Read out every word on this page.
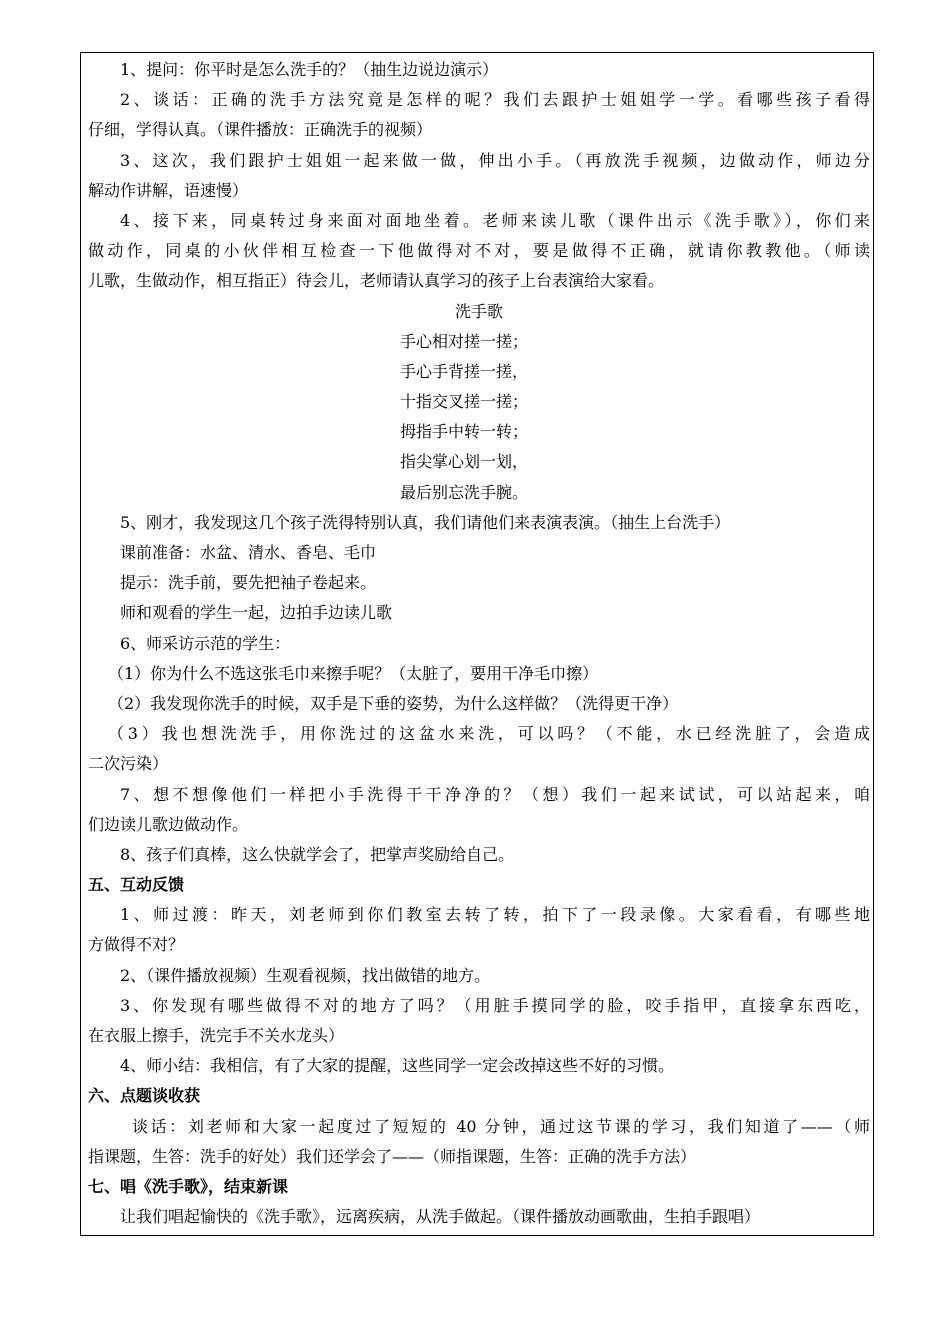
1、提问：你平时是怎么洗手的？（抽生边说边演示）
2、谈话：正确的洗手方法究竟是怎样的呢？我们去跟护士姐姐学一学。看哪些孩子看得
仔细，学得认真。（课件播放：正确洗手的视频）
3、这次，我们跟护士姐姐一起来做一做，伸出小手。（再放洗手视频，边做动作，师边分
解动作讲解，语速慢）
4、接下来，同桌转过身来面对面地坐着。老师来读儿歌（课件出示《洗手歌》），你们来
做动作，同桌的小伙伴相互检查一下他做得对不对，要是做得不正确，就请你教教他。（师读
儿歌，生做动作，相互指正）待会儿，老师请认真学习的孩子上台表演给大家看。
洗手歌
手心相对搓一搓；
手心手背搓一搓，
十指交叉搓一搓；
拇指手中转一转；
指尖掌心划一划，
最后别忘洗手腕。
5、刚才，我发现这几个孩子洗得特别认真，我们请他们来表演表演。（抽生上台洗手）
课前准备：水盆、清水、香皂、毛巾
提示：洗手前，要先把袖子卷起来。
师和观看的学生一起，边拍手边读儿歌
6、师采访示范的学生：
（1）你为什么不选这张毛巾来擦手呢？（太脏了，要用干净毛巾擦）
（2）我发现你洗手的时候，双手是下垂的姿势，为什么这样做？（洗得更干净）
（3）我也想洗洗手，用你洗过的这盆水来洗，可以吗？（不能，水已经洗脏了，会造成
二次污染）
7、想不想像他们一样把小手洗得干干净净的？（想）我们一起来试试，可以站起来，咱
们边读儿歌边做动作。
8、孩子们真棒，这么快就学会了，把掌声奖励给自己。
五、互动反馈
1、师过渡：昨天，刘老师到你们教室去转了转，拍下了一段录像。大家看看，有哪些地
方做得不对？
2、（课件播放视频）生观看视频，找出做错的地方。
3、你发现有哪些做得不对的地方了吗？（用脏手摸同学的脸，咬手指甲，直接拿东西吃，
在衣服上擦手，洗完手不关水龙头）
4、师小结：我相信，有了大家的提醒，这些同学一定会改掉这些不好的习惯。
六、点题谈收获
谈话：刘老师和大家一起度过了短短的 40 分钟，通过这节课的学习，我们知道了——（师
指课题，生答：洗手的好处）我们还学会了——（师指课题，生答：正确的洗手方法）
七、唱《洗手歌》，结束新课
让我们唱起愉快的《洗手歌》，远离疾病，从洗手做起。（课件播放动画歌曲，生拍手跟唱）
